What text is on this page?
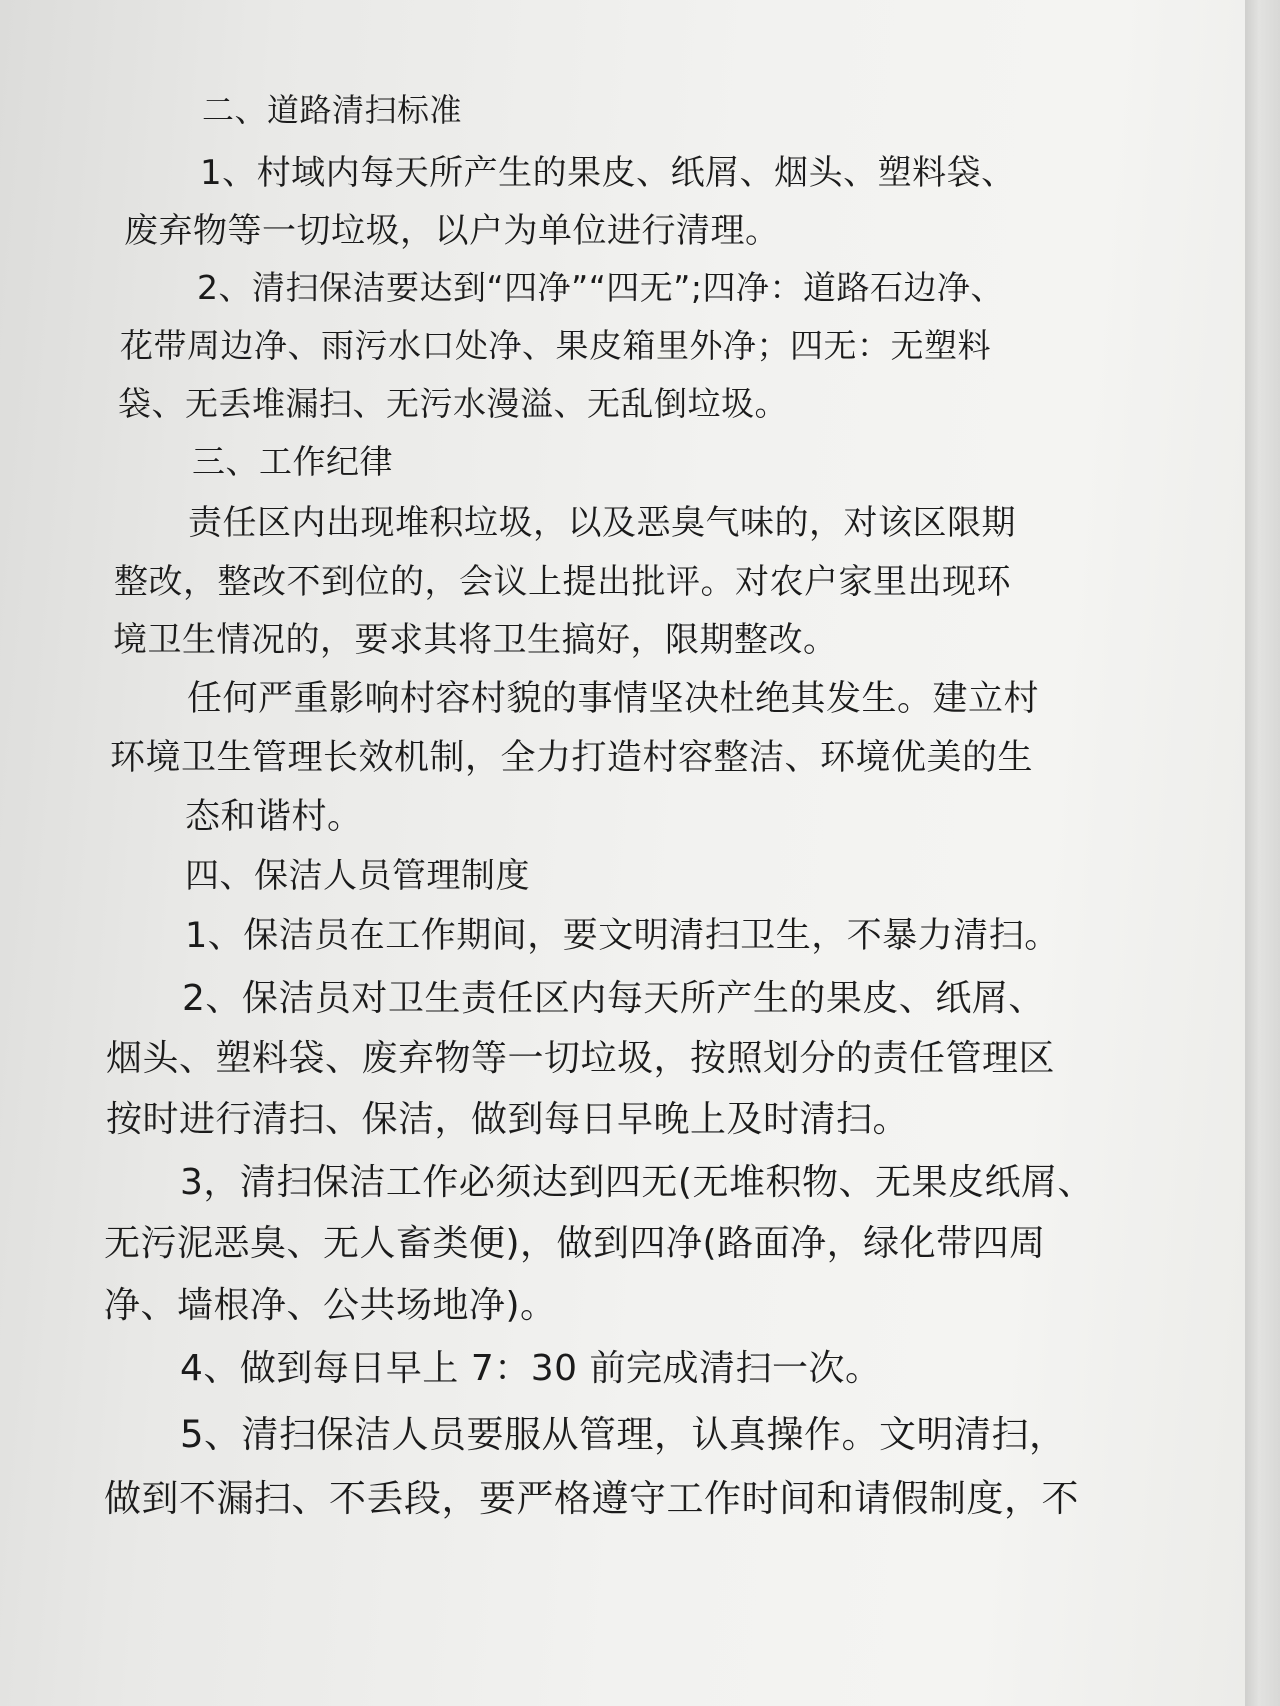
二、道路清扫标准
1、村域内每天所产生的果皮、纸屑、烟头、塑料袋、
废弃物等一切垃圾，以户为单位进行清理。
2、清扫保洁要达到“四净”“四无”;四净：道路石边净、
花带周边净、雨污水口处净、果皮箱里外净；四无：无塑料
袋、无丢堆漏扫、无污水漫溢、无乱倒垃圾。
三、工作纪律
责任区内出现堆积垃圾，以及恶臭气味的，对该区限期
整改，整改不到位的，会议上提出批评。对农户家里出现环
境卫生情况的，要求其将卫生搞好，限期整改。
任何严重影响村容村貌的事情坚决杜绝其发生。建立村
环境卫生管理长效机制，全力打造村容整洁、环境优美的生
态和谐村。
四、保洁人员管理制度
1、保洁员在工作期间，要文明清扫卫生，不暴力清扫。
2、保洁员对卫生责任区内每天所产生的果皮、纸屑、
烟头、塑料袋、废弃物等一切垃圾，按照划分的责任管理区
按时进行清扫、保洁，做到每日早晚上及时清扫。
3，清扫保洁工作必须达到四无(无堆积物、无果皮纸屑、
无污泥恶臭、无人畜类便)，做到四净(路面净，绿化带四周
净、墙根净、公共场地净)。
4、做到每日早上 7：30 前完成清扫一次。
5、清扫保洁人员要服从管理，认真操作。文明清扫，
做到不漏扫、不丢段，要严格遵守工作时间和请假制度，不
